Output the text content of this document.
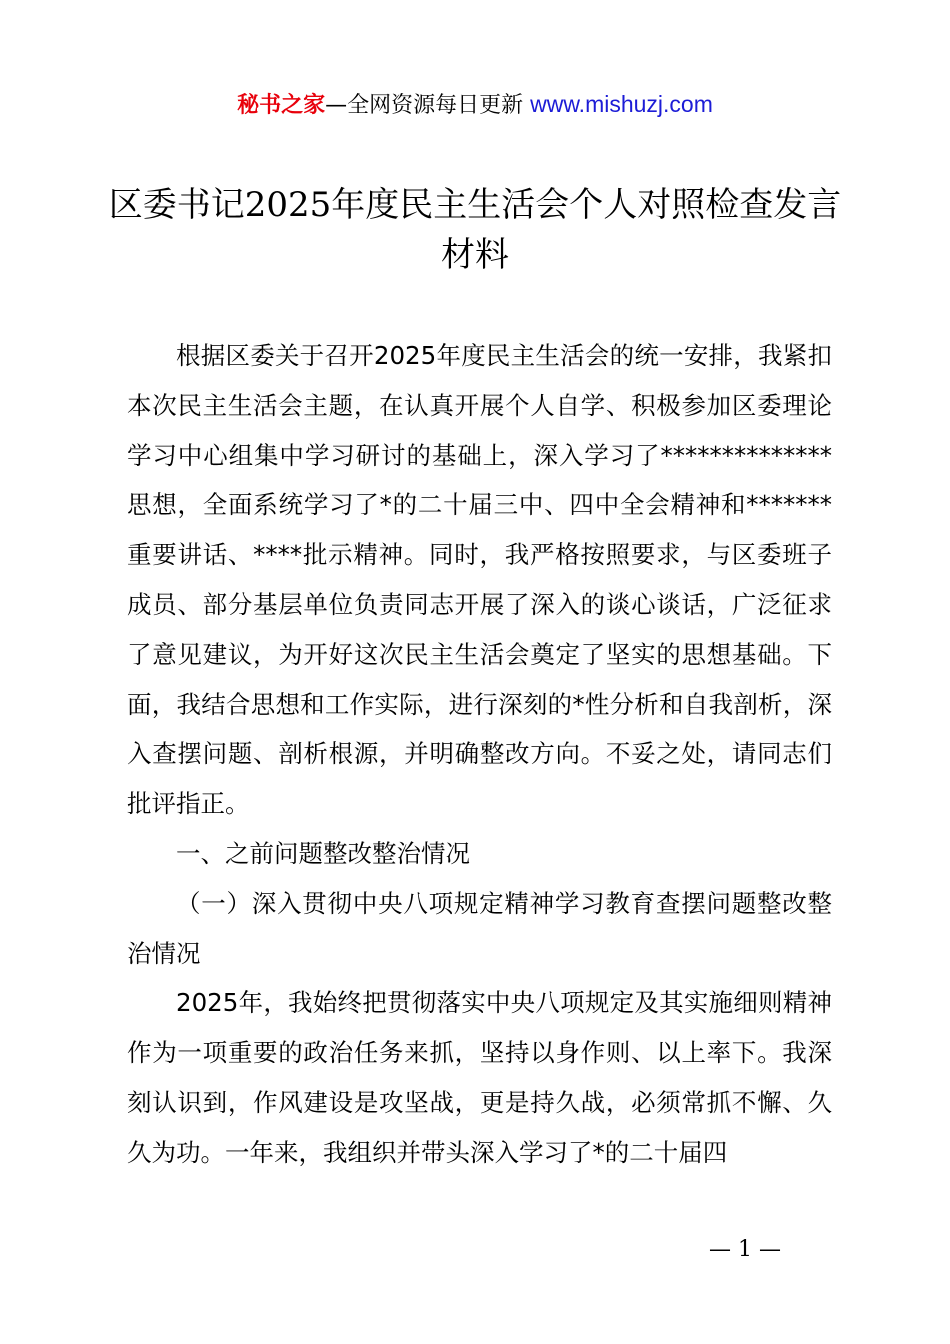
秘书之家—全网资源每日更新 www.mishuzj.com
区委书记2025年度民主生活会个人对照检查发言材料

根据区委关于召开2025年度民主生活会的统一安排，我紧扣本次民主生活会主题，在认真开展个人自学、积极参加区委理论学习中心组集中学习研讨的基础上，深入学习了**************思想，全面系统学习了*的二十届三中、四中全会精神和*******重要讲话、****批示精神。同时，我严格按照要求，与区委班子成员、部分基层单位负责同志开展了深入的谈心谈话，广泛征求了意见建议，为开好这次民主生活会奠定了坚实的思想基础。下面，我结合思想和工作实际，进行深刻的*性分析和自我剖析，深入查摆问题、剖析根源，并明确整改方向。不妥之处，请同志们批评指正。

一、之前问题整改整治情况

（一）深入贯彻中央八项规定精神学习教育查摆问题整改整治情况

2025年，我始终把贯彻落实中央八项规定及其实施细则精神作为一项重要的政治任务来抓，坚持以身作则、以上率下。我深刻认识到，作风建设是攻坚战，更是持久战，必须常抓不懈、久久为功。一年来，我组织并带头深入学习了*的二十届四

— 1 —
